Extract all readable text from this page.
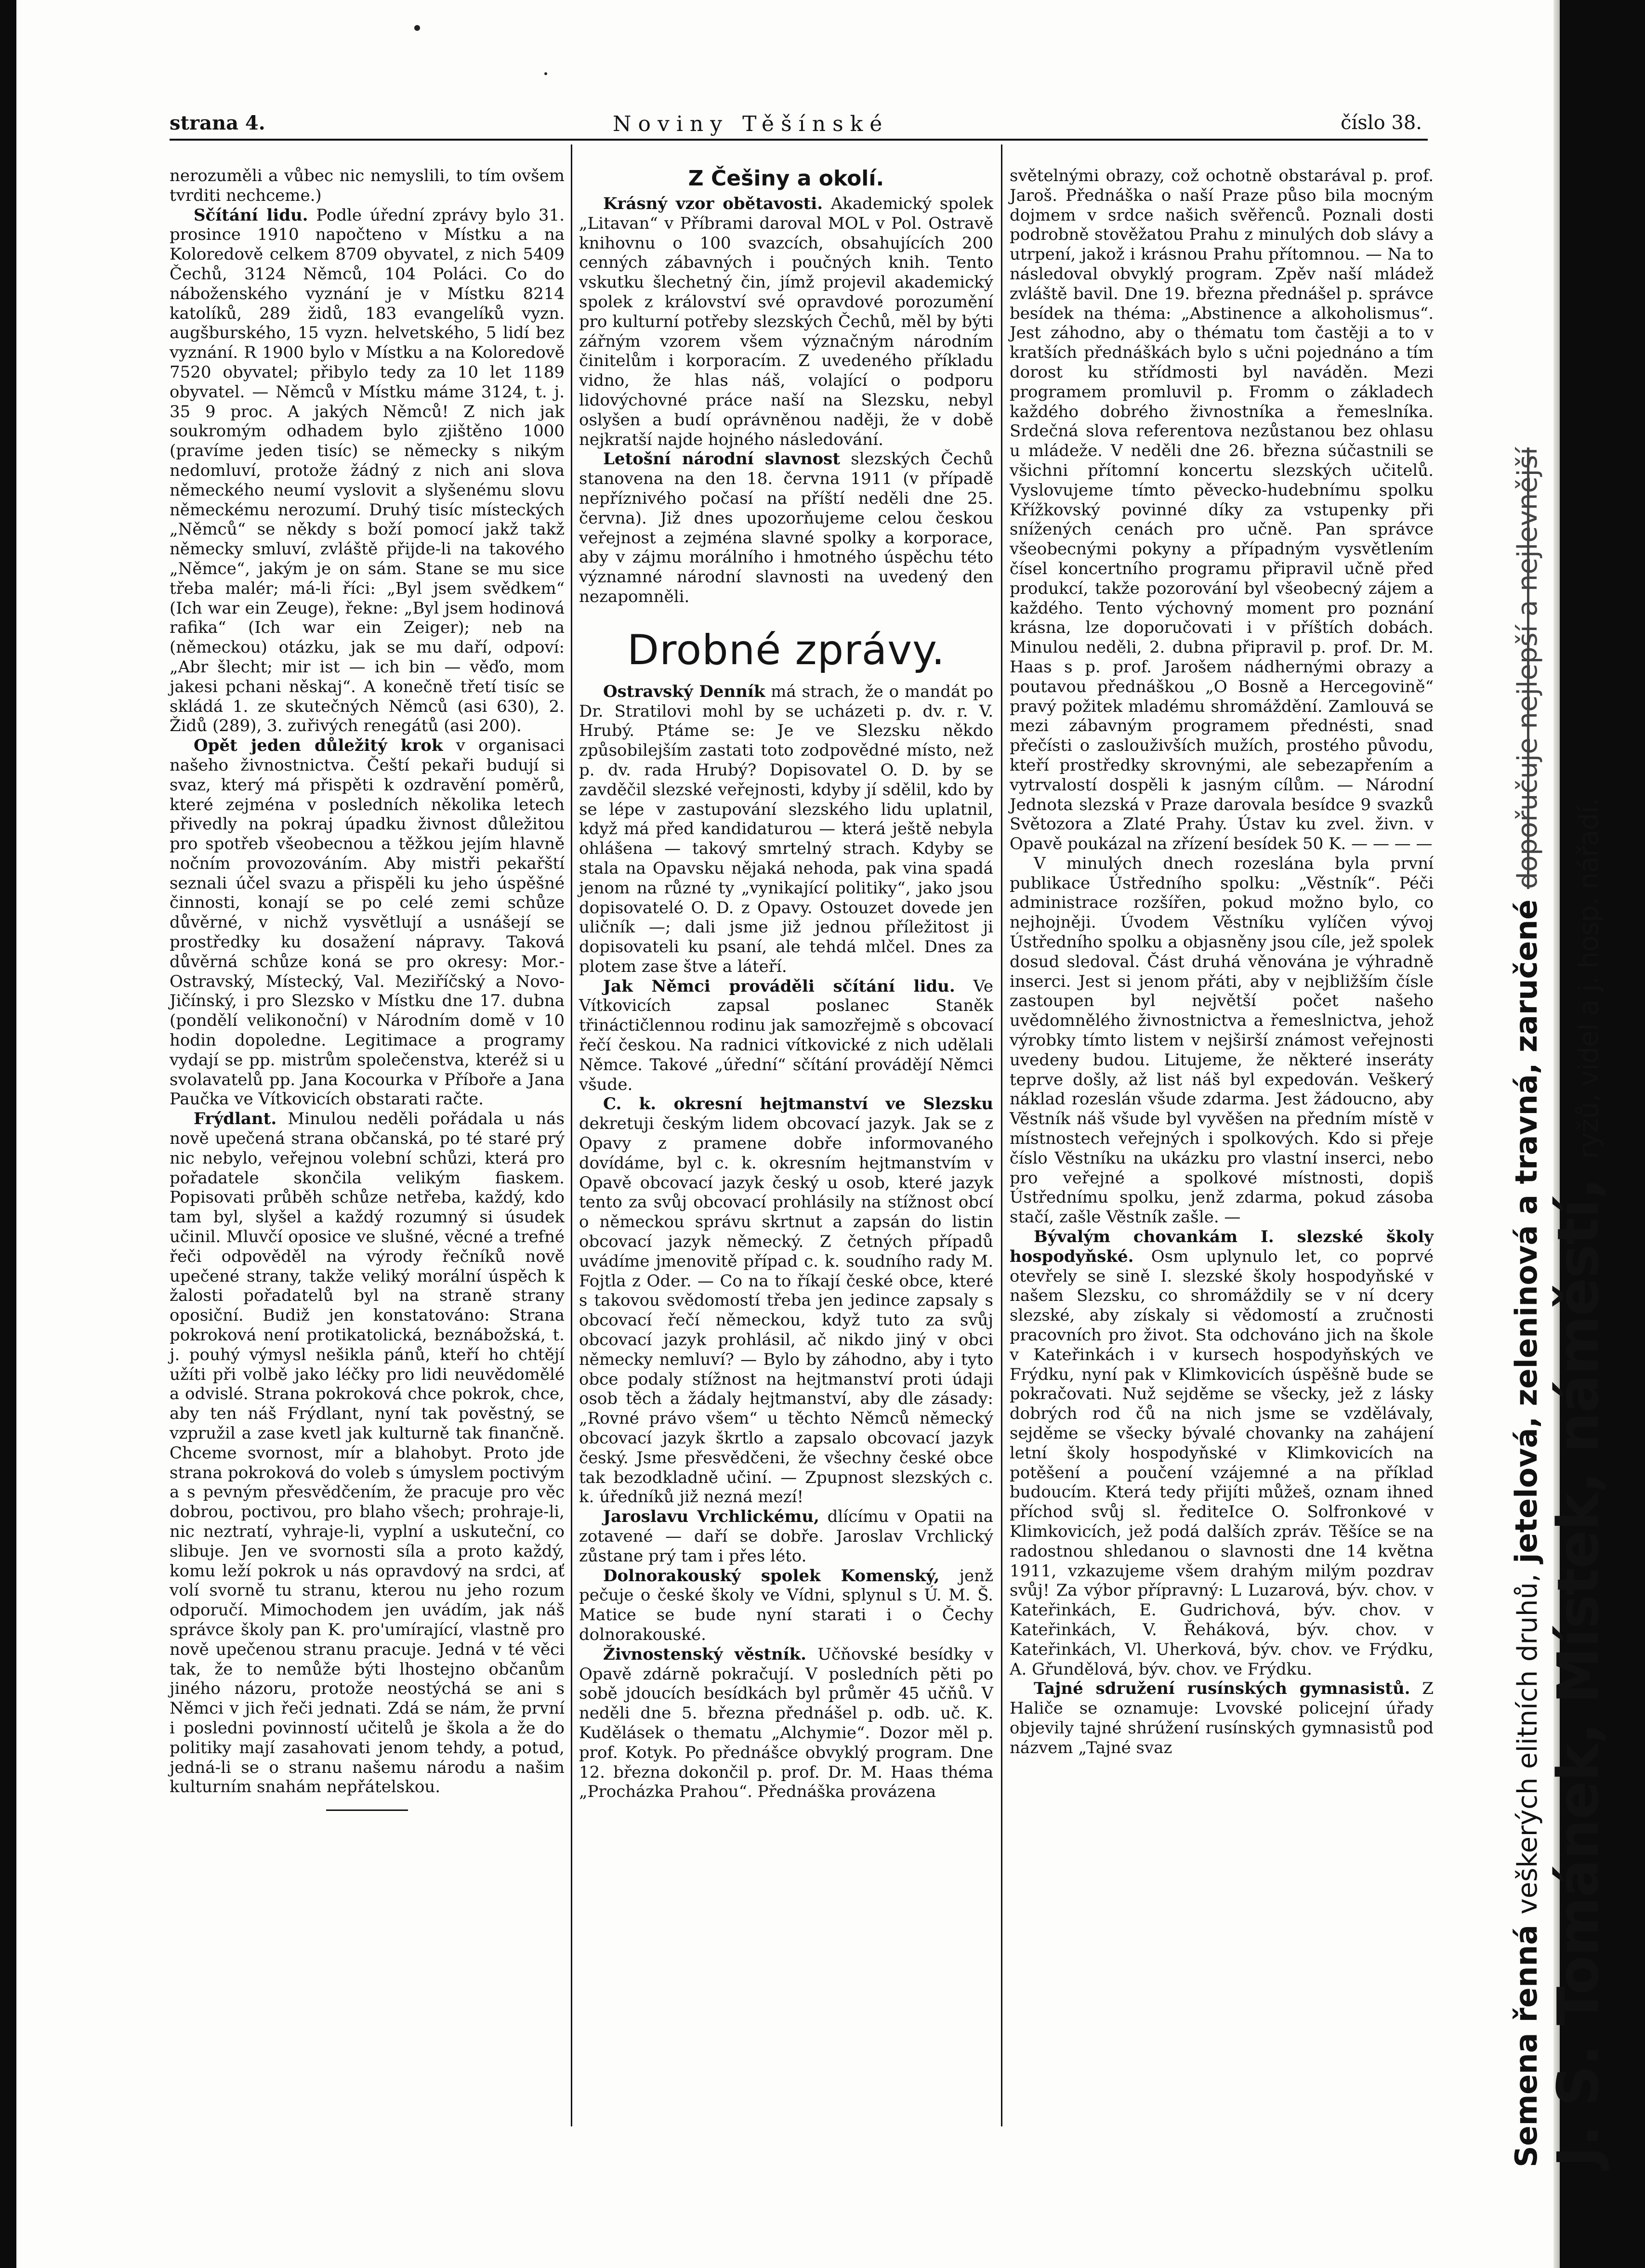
strana 4.	Noviny Těšínské	číslo 38.

nerozuměli a vůbec nic nemyslili, to tím ovšem tvrditi nechceme.)

Sčítání lidu. Podle úřední zprávy bylo 31. prosince 1910 napočteno v Místku a na Koloredově celkem 8709 obyvatel, z nich 5409 Čechů, 3124 Němců, 104 Poláci. Co do náboženského vyznání je v Místku 8214 katolíků, 289 židů, 183 evangelíků vyzn. augšburského, 15 vyzn. helvetského, 5 lidí bez vyznání. R 1900 bylo v Místku a na Koloredově 7520 obyvatel; přibylo tedy za 10 let 1189 obyvatel. — Němců v Místku máme 3124, t. j. 35 9 proc. A jakých Němců! Z nich jak soukromým odhadem bylo zjištěno 1000 (pravíme jeden tisíc) se německy s nikým nedomluví, protože žádný z nich ani slova německého neumí vyslovit a slyšenému slovu německému nerozumí. Druhý tisíc místeckých „Němců“ se někdy s boží pomocí jakž takž německy smluví, zvláště přijde-li na takového „Němce“, jakým je on sám. Stane se mu sice třeba malér; má-li říci: „Byl jsem svědkem“ (Ich war ein Zeuge), řekne: „Byl jsem hodinová rafika“ (Ich war ein Zeiger); neb na (německou) otázku, jak se mu daří, odpoví: „Abr šlecht; mir ist — ich bin — věďo, mom jakesi pchani něskaj“. A konečně třetí tisíc se skládá 1. ze skutečných Němců (asi 630), 2. Židů (289), 3. zuřivých renegátů (asi 200).

Opět jeden důležitý krok v organisaci našeho živnostnictva. Čeští pekaři budují si svaz, který má přispěti k ozdravění poměrů, které zejména v posledních několika letech přivedly na pokraj úpadku živnost důležitou pro spotřeb všeobecnou a těžkou jejím hlavně nočním provozováním. Aby mistři pekařští seznali účel svazu a přispěli ku jeho úspěšné činnosti, konají se po celé zemi schůze důvěrné, v nichž vysvětlují a usnášejí se prostředky ku dosažení nápravy. Taková důvěrná schůze koná se pro okresy: Mor.-Ostravský, Místecký, Val. Meziříčský a Novo-Jičínský, i pro Slezsko v Místku dne 17. dubna (pondělí velikonoční) v Národním domě v 10 hodin dopoledne. Legitimace a programy vydají se pp. mistrům společenstva, kteréž si u svolavatelů pp. Jana Kocourka v Příboře a Jana Paučka ve Vítkovicích obstarati račte.

Frýdlant. Minulou neděli pořádala u nás nově upečená strana občanská, po té staré prý nic nebylo, veřejnou volební schůzi, která pro pořadatele skončila velikým fiaskem. Popisovati průběh schůze netřeba, každý, kdo tam byl, slyšel a každý rozumný si úsudek učinil. Mluvčí oposice ve slušné, věcné a trefné řeči odpověděl na výrody řečníků nově upečené strany, takže veliký morální úspěch k žalosti pořadatelů byl na straně strany oposiční. Budiž jen konstatováno: Strana pokroková není protikatolická, beznábožská, t. j. pouhý výmysl nešikla pánů, kteří ho chtějí užíti při volbě jako léčky pro lidi neuvědomělé a odvislé. Strana pokroková chce pokrok, chce, aby ten náš Frýdlant, nyní tak pověstný, se vzpružil a zase kvetl jak kulturně tak finančně. Chceme svornost, mír a blahobyt. Proto jde strana pokroková do voleb s úmyslem poctivým a s pevným přesvědčením, že pracuje pro věc dobrou, poctivou, pro blaho všech; prohraje-li, nic neztratí, vyhraje-li, vyplní a uskuteční, co slibuje. Jen ve svornosti síla a proto každý, komu leží pokrok u nás opravdový na srdci, ať volí svorně tu stranu, kterou nu jeho rozum odporučí. Mimochodem jen uvádím, jak náš správce školy pan K. pro'umírající, vlastně pro nově upečenou stranu pracuje. Jedná v té věci tak, že to nemůže býti lhostejno občanům jiného názoru, protože neostýchá se ani s Němci v jich řeči jednati. Zdá se nám, že první i posledni povinností učitelů je škola a že do politiky mají zasahovati jenom tehdy, a potud, jedná-li se o stranu našemu národu a našim kulturním snahám nepřátelskou.

Z Češiny a okolí.

Krásný vzor obětavosti. Akademický spolek „Litavan“ v Příbrami daroval MOL v Pol. Ostravě knihovnu o 100 svazcích, obsahujících 200 cenných zábavných i poučných knih. Tento vskutku šlechetný čin, jímž projevil akademický spolek z království své opravdové porozumění pro kulturní potřeby slezských Čechů, měl by býti zářným vzorem všem význačným národním činitelům i korporacím. Z uvedeného příkladu vidno, že hlas náš, volající o podporu lidovýchovné práce naší na Slezsku, nebyl oslyšen a budí oprávněnou naději, že v době nejkratší najde hojného následování.

Letošní národní slavnost slezských Čechů stanovena na den 18. června 1911 (v případě nepříznivého počasí na příští neděli dne 25. června). Již dnes upozorňujeme celou českou veřejnost a zejména slavné spolky a korporace, aby v zájmu morálního i hmotného úspěchu této významné národní slavnosti na uvedený den nezapomněli.

Drobné zprávy.

Ostravský Denník má strach, že o mandát po Dr. Stratilovi mohl by se ucházeti p. dv. r. V. Hrubý. Ptáme se: Je ve Slezsku někdo způsobilejším zastati toto zodpovědné místo, než p. dv. rada Hrubý? Dopisovatel O. D. by se zavděčil slezské veřejnosti, kdyby jí sdělil, kdo by se lépe v zastupování slezského lidu uplatnil, když má před kandidaturou — která ještě nebyla ohlášena — takový smrtelný strach. Kdyby se stala na Opavsku nějaká nehoda, pak vina spadá jenom na různé ty „vynikající politiky“, jako jsou dopisovatelé O. D. z Opavy. Ostouzet dovede jen uličník —; dali jsme již jednou příležitost ji dopisovateli ku psaní, ale tehdá mlčel. Dnes za plotem zase štve a láteří.

Jak Němci prováděli sčítání lidu. Ve Vítkovicích zapsal poslanec Staněk třináctičlennou rodinu jak samozřejmě s obcovací řečí českou. Na radnici vítkovické z nich udělali Němce. Takové „úřední“ sčítání provádějí Němci všude.

C. k. okresní hejtmanství ve Slezsku dekretuji českým lidem obcovací jazyk. Jak se z Opavy z pramene dobře informovaného dovídáme, byl c. k. okresním hejtmanstvím v Opavě obcovací jazyk český u osob, které jazyk tento za svůj obcovací prohlásily na stížnost obcí o německou správu skrtnut a zapsán do listin obcovací jazyk německý. Z četných případů uvádíme jmenovitě případ c. k. soudního rady M. Fojtla z Oder. — Co na to říkají české obce, které s takovou svědomostí třeba jen jedince zapsaly s obcovací řečí německou, když tuto za svůj obcovací jazyk prohlásil, ač nikdo jiný v obci německy nemluví? — Bylo by záhodno, aby i tyto obce podaly stížnost na hejtmanství proti údaji osob těch a žádaly hejtmanství, aby dle zásady: „Rovné právo všem“ u těchto Němců německý obcovací jazyk škrtlo a zapsalo obcovací jazyk český. Jsme přesvědčeni, že všechny české obce tak bezodkladně učiní. — Zpupnost slezských c. k. úředníků již nezná mezí!

Jaroslavu Vrchlickému, dlícímu v Opatii na zotavené — daří se dobře. Jaroslav Vrchlický zůstane prý tam i přes léto.

Dolnorakouský spolek Komenský, jenž pečuje o české školy ve Vídni, splynul s Ú. M. Š. Matice se bude nyní starati i o Čechy dolnorakouské.

Živnostenský věstník. Učňovské besídky v Opavě zdárně pokračují. V posledních pěti po sobě jdoucích besídkách byl průměr 45 učňů. V neděli dne 5. března přednášel p. odb. uč. K. Kudělásek o thematu „Alchymie“. Dozor měl p. prof. Kotyk. Po přednášce obvyklý program. Dne 12. března dokončil p. prof. Dr. M. Haas théma „Procházka Prahou“. Přednáška provázena

světelnými obrazy, což ochotně obstarával p. prof. Jaroš. Přednáška o naší Praze půso bila mocným dojmem v srdce našich svěřenců. Poznali dosti podrobně stověžatou Prahu z minulých dob slávy a utrpení, jakož i krásnou Prahu přítomnou. — Na to následoval obvyklý program. Zpěv naší mládež zvláště bavil. Dne 19. března přednášel p. správce besídek na théma: „Abstinence a alkoholismus“. Jest záhodno, aby o thématu tom častěji a to v kratších přednáškách bylo s učni pojednáno a tím dorost ku střídmosti byl naváděn. Mezi programem promluvil p. Fromm o základech každého dobrého živnostníka a řemeslníka. Srdečná slova referentova nezůstanou bez ohlasu u mládeže. V neděli dne 26. března súčastnili se všichni přítomní koncertu slezských učitelů. Vyslovujeme tímto pěvecko-hudebnímu spolku Křížkovský povinné díky za vstupenky při snížených cenách pro učně. Pan správce všeobecnými pokyny a případným vysvětlením čísel koncertního programu připravil učně před produkcí, takže pozorování byl všeobecný zájem a každého. Tento výchovný moment pro poznání krásna, lze doporučovati i v příštích dobách. Minulou neděli, 2. dubna připravil p. prof. Dr. M. Haas s p. prof. Jarošem nádhernými obrazy a poutavou přednáškou „O Bosně a Hercegovině“ pravý požitek mladému shromáždění. Zamlouvá se mezi zábavným programem přednésti, snad přečísti o zaslouživších mužích, prostého původu, kteří prostředky skrovnými, ale sebezapřením a vytrvalostí dospěli k jasným cílům. — Národní Jednota slezská v Praze darovala besídce 9 svazků Světozora a Zlaté Prahy. Ústav ku zvel. živn. v Opavě poukázal na zřízení besídek 50 K. — — — —

V minulých dnech rozeslána byla první publikace Ústředního spolku: „Věstník“. Péči administrace rozšířen, pokud možno bylo, co nejhojněji. Úvodem Věstníku vylíčen vývoj Ústředního spolku a objasněny jsou cíle, jež spolek dosud sledoval. Část druhá věnována je výhradně inserci. Jest si jenom přáti, aby v nejbližším čísle zastoupen byl největší počet našeho uvědomnělého živnostnictva a řemeslnictva, jehož výrobky tímto listem v nejširší známost veřejnosti uvedeny budou. Litujeme, že některé inseráty teprve došly, až list náš byl expedován. Veškerý náklad rozeslán všude zdarma. Jest žádoucno, aby Věstník náš všude byl vyvěšen na předním místě v místnostech veřejných i spolkových. Kdo si přeje číslo Věstníku na ukázku pro vlastní inserci, nebo pro veřejné a spolkové místnosti, dopiš Ústřednímu spolku, jenž zdarma, pokud zásoba stačí, zašle Věstník zašle. —

Bývalým chovankám I. slezské školy hospodyňské. Osm uplynulo let, co poprvé otevřely se sině I. slezské školy hospodyňské v našem Slezsku, co shromáždily se v ní dcery slezské, aby získaly si vědomostí a zručnosti pracovních pro život. Sta odchováno jich na škole v Kateřinkách i v kursech hospodyňských ve Frýdku, nyní pak v Klimkovicích úspěšně bude se pokračovati. Nuž sejděme se všecky, jež z lásky dobrých rod čů na nich jsme se vzdělávaly, sejděme se všecky bývalé chovanky na zahájení letní školy hospodyňské v Klimkovicích na potěšení a poučení vzájemné a na příklad budoucím. Která tedy přijíti můžeš, oznam ihned příchod svůj sl. řediteIce O. Solfronkové v Klimkovicích, jež podá dalších zpráv. Těšíce se na radostnou shledanou o slavnosti dne 14 května 1911, vzkazujeme všem drahým milým pozdrav svůj! Za výbor přípravný: L Luzarová, býv. chov. v Kateřinkách, E. Gudrichová, býv. chov. v Kateřinkách, V. Řeháková, býv. chov. v Kateřinkách, Vl. Uherková, býv. chov. ve Frýdku, A. Gřundělová, býv. chov. ve Frýdku.

Tajné sdružení rusínských gymnasistů. Z Haliče se oznamuje: Lvovské policejní úřady objevily tajné shrúžení rusínských gymnasistů pod názvem „Tajné svaz

Semena řenná veškerých elitních druhů, jetelová, zeleninová a travná, zaručené dopořučuje nejlepší a nejlevnější
J. S. Tománek, Místek, náměstí, ryžů, videl a j. hosp. nářadí.
